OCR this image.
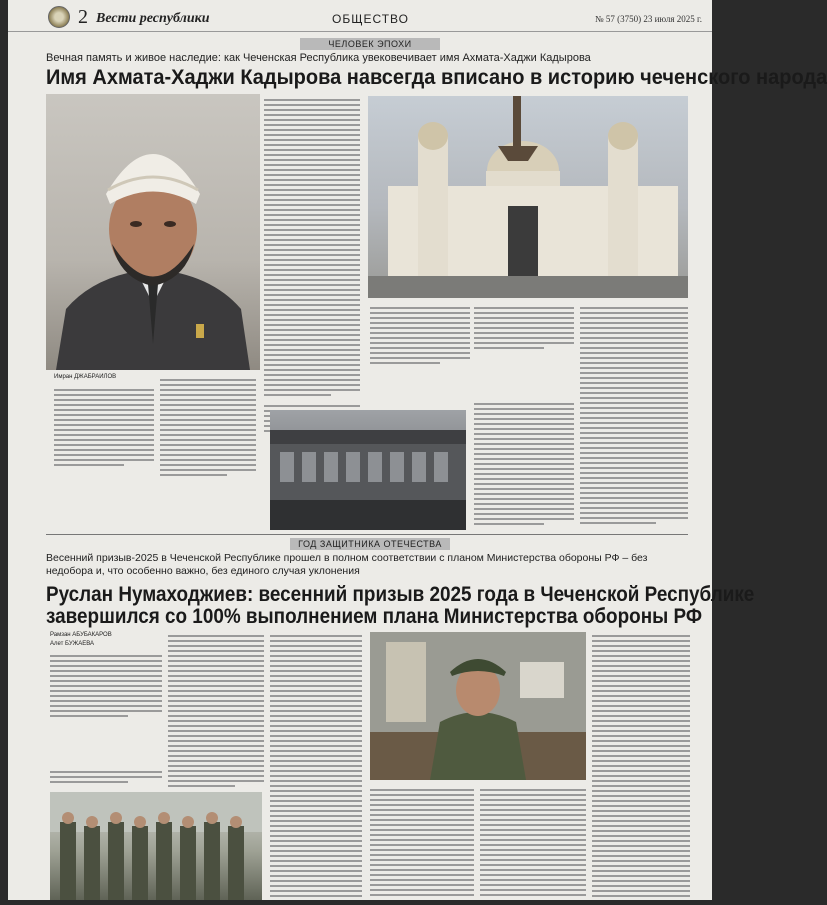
2 Вести республики	ОБЩЕСТВО	№ 57 (3750) 23 июля 2025 г.
ЧЕЛОВЕК ЭПОХИ
Вечная память и живое наследие: как Чеченская Республика увековечивает имя Ахмата-Хаджи Кадырова
Имя Ахмата-Хаджи Кадырова навсегда вписано в историю чеченского народа
Имран ДЖАБРАИЛОВ
ГОД ЗАЩИТНИКА ОТЕЧЕСТВА
Весенний призыв-2025 в Чеченской Республике прошел в полном соответствии с планом Министерства обороны РФ – без недобора и, что особенно важно, без единого случая уклонения
Руслан Нумаходжиев: весенний призыв 2025 года в Чеченской Республике
завершился со 100% выполнением плана Министерства обороны РФ
Рамзан АБУБАКАРОВ
Алет БУЖАЕВА
